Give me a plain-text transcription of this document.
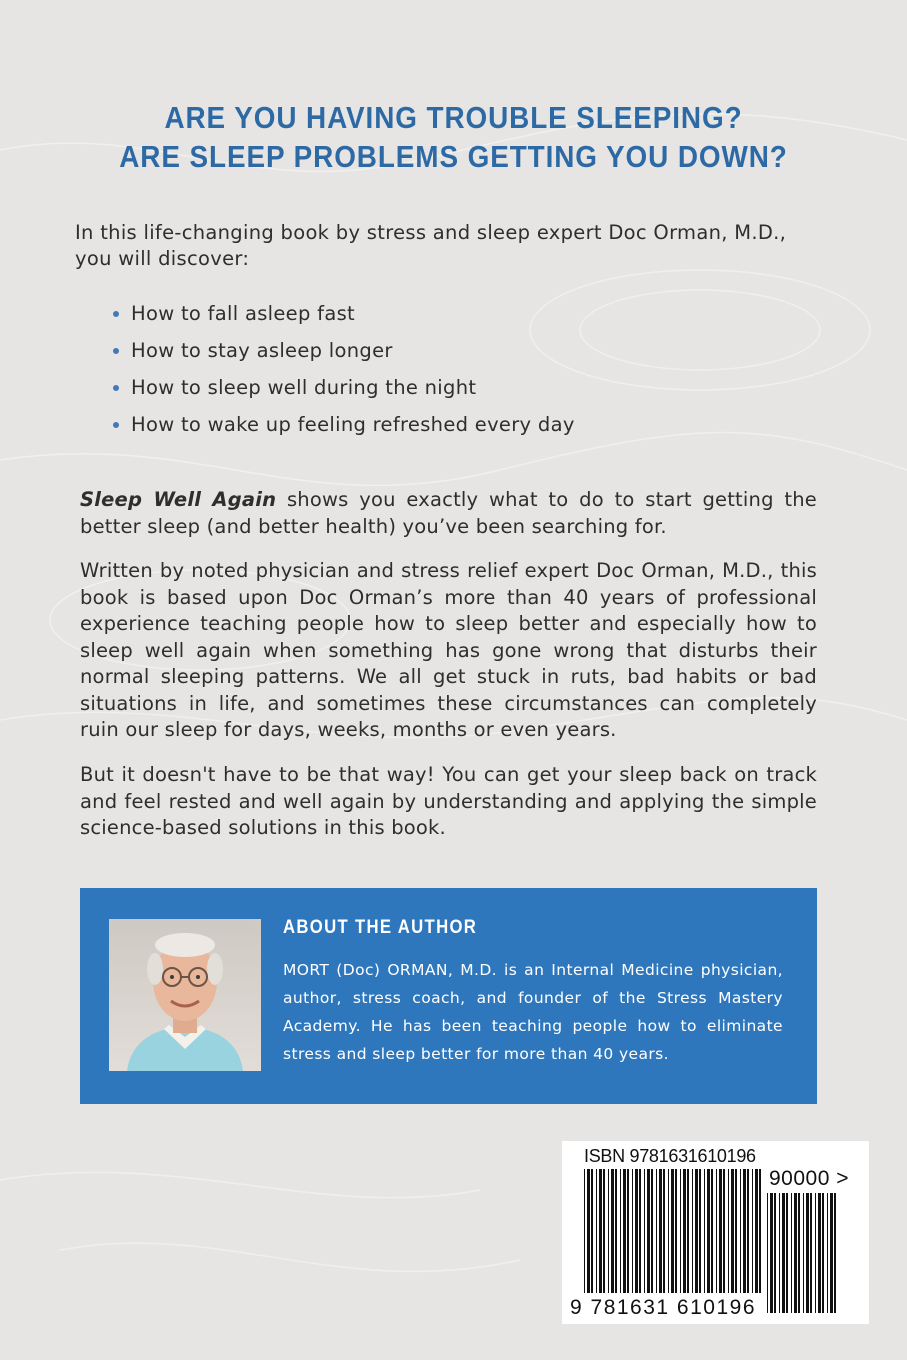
ARE YOU HAVING TROUBLE SLEEPING?
ARE SLEEP PROBLEMS GETTING YOU DOWN?
In this life-changing book by stress and sleep expert Doc Orman, M.D.,
you will discover:
How to fall asleep fast
How to stay asleep longer
How to sleep well during the night
How to wake up feeling refreshed every day
Sleep Well Again shows you exactly what to do to start getting the better sleep (and better health) you’ve been searching for.
Written by noted physician and stress relief expert Doc Orman, M.D., this book is based upon Doc Orman’s more than 40 years of professional experience teaching people how to sleep better and especially how to sleep well again when something has gone wrong that disturbs their normal sleeping patterns. We all get stuck in ruts, bad habits or bad situations in life, and sometimes these circumstances can completely ruin our sleep for days, weeks, months or even years.
But it doesn't have to be that way! You can get your sleep back on track and feel rested and well again by understanding and applying the simple science-based solutions in this book.
ABOUT THE AUTHOR
MORT (Doc) ORMAN, M.D. is an Internal Medicine physician, author, stress coach, and founder of the Stress Mastery Academy. He has been teaching people how to eliminate stress and sleep better for more than 40 years.
ISBN 9781631610196
90000 >
9 781631 610196
